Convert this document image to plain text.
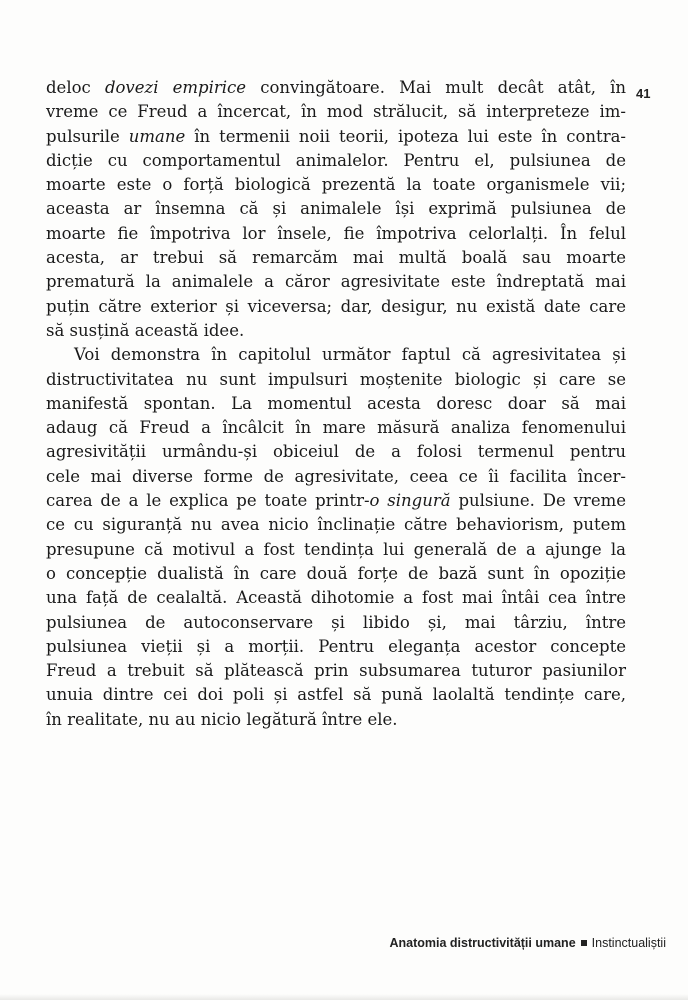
41
deloc dovezi empirice convingătoare. Mai mult decât atât, în
vreme ce Freud a încercat, în mod strălucit, să interpreteze im-
pulsurile umane în termenii noii teorii, ipoteza lui este în contra-
dicție cu comportamentul animalelor. Pentru el, pulsiunea de
moarte este o forță biologică prezentă la toate organismele vii;
aceasta ar însemna că și animalele își exprimă pulsiunea de
moarte fie împotriva lor însele, fie împotriva celorlalți. În felul
acesta, ar trebui să remarcăm mai multă boală sau moarte
prematură la animalele a căror agresivitate este îndreptată mai
puțin către exterior și viceversa; dar, desigur, nu există date care
să susțină această idee.
Voi demonstra în capitolul următor faptul că agresivitatea și
distructivitatea nu sunt impulsuri moștenite biologic și care se
manifestă spontan. La momentul acesta doresc doar să mai
adaug că Freud a încâlcit în mare măsură analiza fenomenului
agresivității urmându-și obiceiul de a folosi termenul pentru
cele mai diverse forme de agresivitate, ceea ce îi facilita încer-
carea de a le explica pe toate printr-o singură pulsiune. De vreme
ce cu siguranță nu avea nicio înclinație către behaviorism, putem
presupune că motivul a fost tendința lui generală de a ajunge la
o concepție dualistă în care două forțe de bază sunt în opoziție
una față de cealaltă. Această dihotomie a fost mai întâi cea între
pulsiunea de autoconservare și libido și, mai târziu, între
pulsiunea vieții și a morții. Pentru eleganța acestor concepte
Freud a trebuit să plătească prin subsumarea tuturor pasiunilor
unuia dintre cei doi poli și astfel să pună laolaltă tendințe care,
în realitate, nu au nicio legătură între ele.
Anatomia distructivității umane Instinctualiștii
